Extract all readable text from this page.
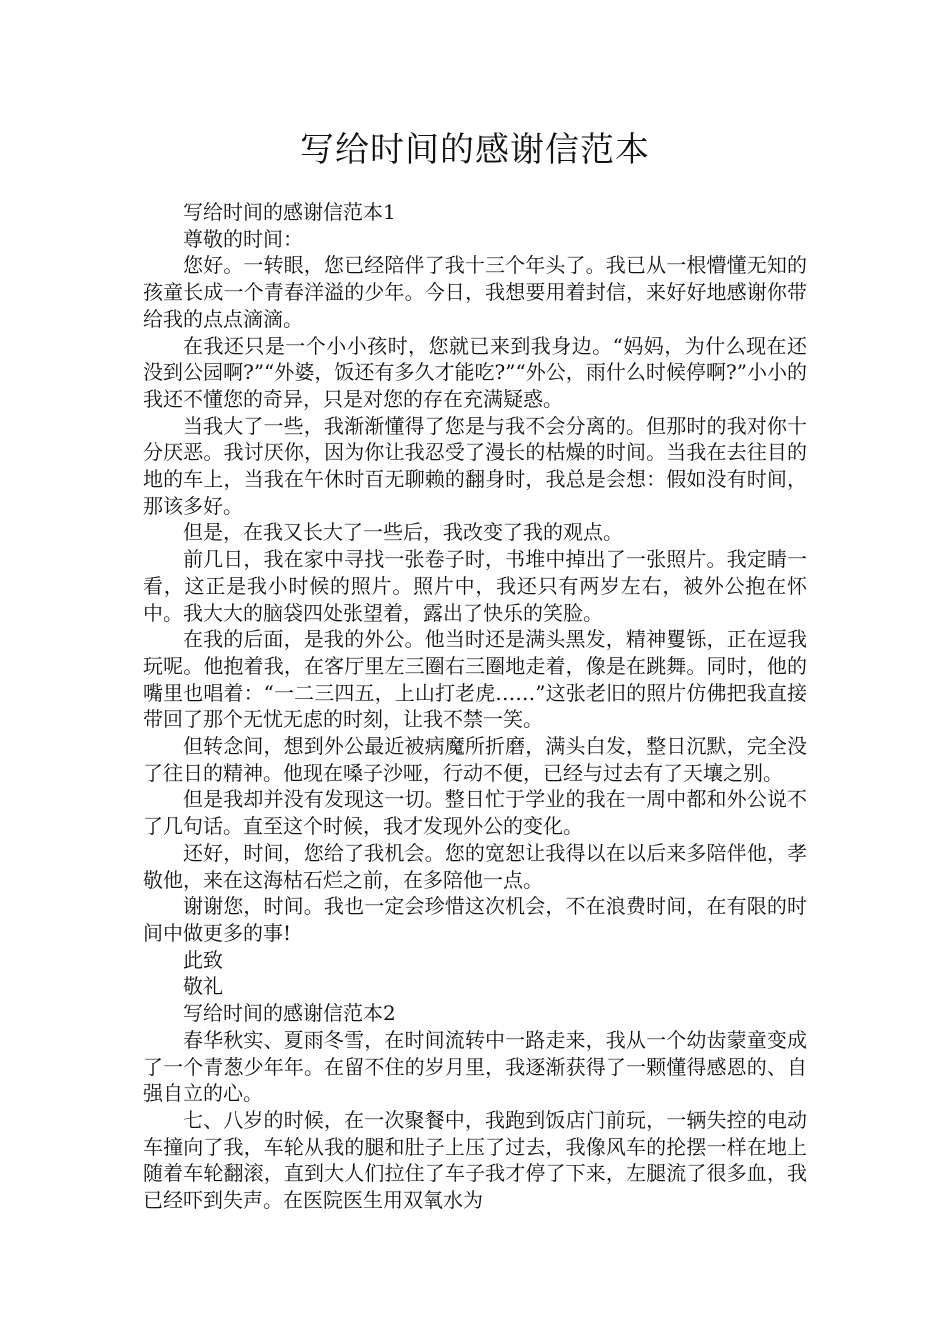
写给时间的感谢信范本

写给时间的感谢信范本1

尊敬的时间：

您好。一转眼，您已经陪伴了我十三个年头了。我已从一根懵懂无知的孩童长成一个青春洋溢的少年。今日，我想要用着封信，来好好地感谢你带给我的点点滴滴。

在我还只是一个小小孩时，您就已来到我身边。“妈妈，为什么现在还没到公园啊?”“外婆，饭还有多久才能吃?”“外公，雨什么时候停啊?”小小的我还不懂您的奇异，只是对您的存在充满疑惑。

当我大了一些，我渐渐懂得了您是与我不会分离的。但那时的我对你十分厌恶。我讨厌你，因为你让我忍受了漫长的枯燥的时间。当我在去往目的地的车上，当我在午休时百无聊赖的翻身时，我总是会想：假如没有时间，那该多好。

但是，在我又长大了一些后，我改变了我的观点。

前几日，我在家中寻找一张卷子时，书堆中掉出了一张照片。我定睛一看，这正是我小时候的照片。照片中，我还只有两岁左右，被外公抱在怀中。我大大的脑袋四处张望着，露出了快乐的笑脸。

在我的后面，是我的外公。他当时还是满头黑发，精神矍铄，正在逗我玩呢。他抱着我，在客厅里左三圈右三圈地走着，像是在跳舞。同时，他的嘴里也唱着：“一二三四五，上山打老虎……”这张老旧的照片仿佛把我直接带回了那个无忧无虑的时刻，让我不禁一笑。

但转念间，想到外公最近被病魔所折磨，满头白发，整日沉默，完全没了往日的精神。他现在嗓子沙哑，行动不便，已经与过去有了天壤之别。

但是我却并没有发现这一切。整日忙于学业的我在一周中都和外公说不了几句话。直至这个时候，我才发现外公的变化。

还好，时间，您给了我机会。您的宽恕让我得以在以后来多陪伴他，孝敬他，来在这海枯石烂之前，在多陪他一点。

谢谢您，时间。我也一定会珍惜这次机会，不在浪费时间，在有限的时间中做更多的事!

此致

敬礼

写给时间的感谢信范本2

春华秋实、夏雨冬雪，在时间流转中一路走来，我从一个幼齿蒙童变成了一个青葱少年年。在留不住的岁月里，我逐渐获得了一颗懂得感恩的、自强自立的心。

七、八岁的时候，在一次聚餐中，我跑到饭店门前玩，一辆失控的电动车撞向了我，车轮从我的腿和肚子上压了过去，我像风车的抡摆一样在地上随着车轮翻滚，直到大人们拉住了车子我才停了下来，左腿流了很多血，我已经吓到失声。在医院医生用双氧水为
